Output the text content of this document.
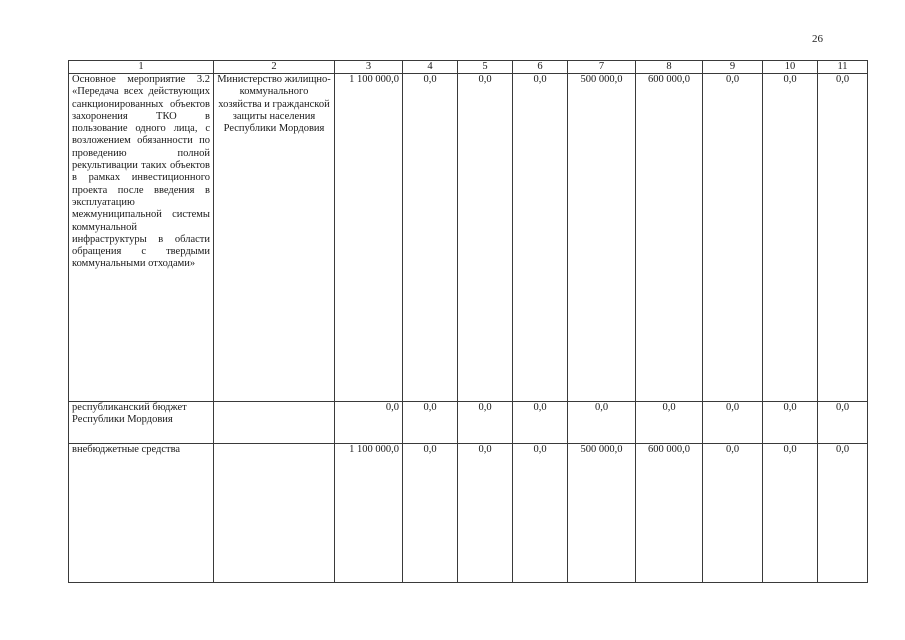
26
1	2	3	4	5	6	7	8	9	10	11
Основное мероприятие 3.2 «Передача всех действующих санкционированных объектов захоронения ТКО в пользование одного лица, с возложением обязанности по проведению полной рекультивации таких объектов в рамках инвестиционного проекта после введения в эксплуатацию межмуниципальной системы коммунальной инфраструктуры в области обращения с твердыми коммунальными отходами»	Министерство жилищно-коммунального хозяйства и гражданской защиты населения Республики Мордовия	1 100 000,0	0,0	0,0	0,0	500 000,0	600 000,0	0,0	0,0	0,0
республиканский бюджет Республики Мордовия		0,0	0,0	0,0	0,0	0,0	0,0	0,0	0,0	0,0
внебюджетные средства		1 100 000,0	0,0	0,0	0,0	500 000,0	600 000,0	0,0	0,0	0,0
